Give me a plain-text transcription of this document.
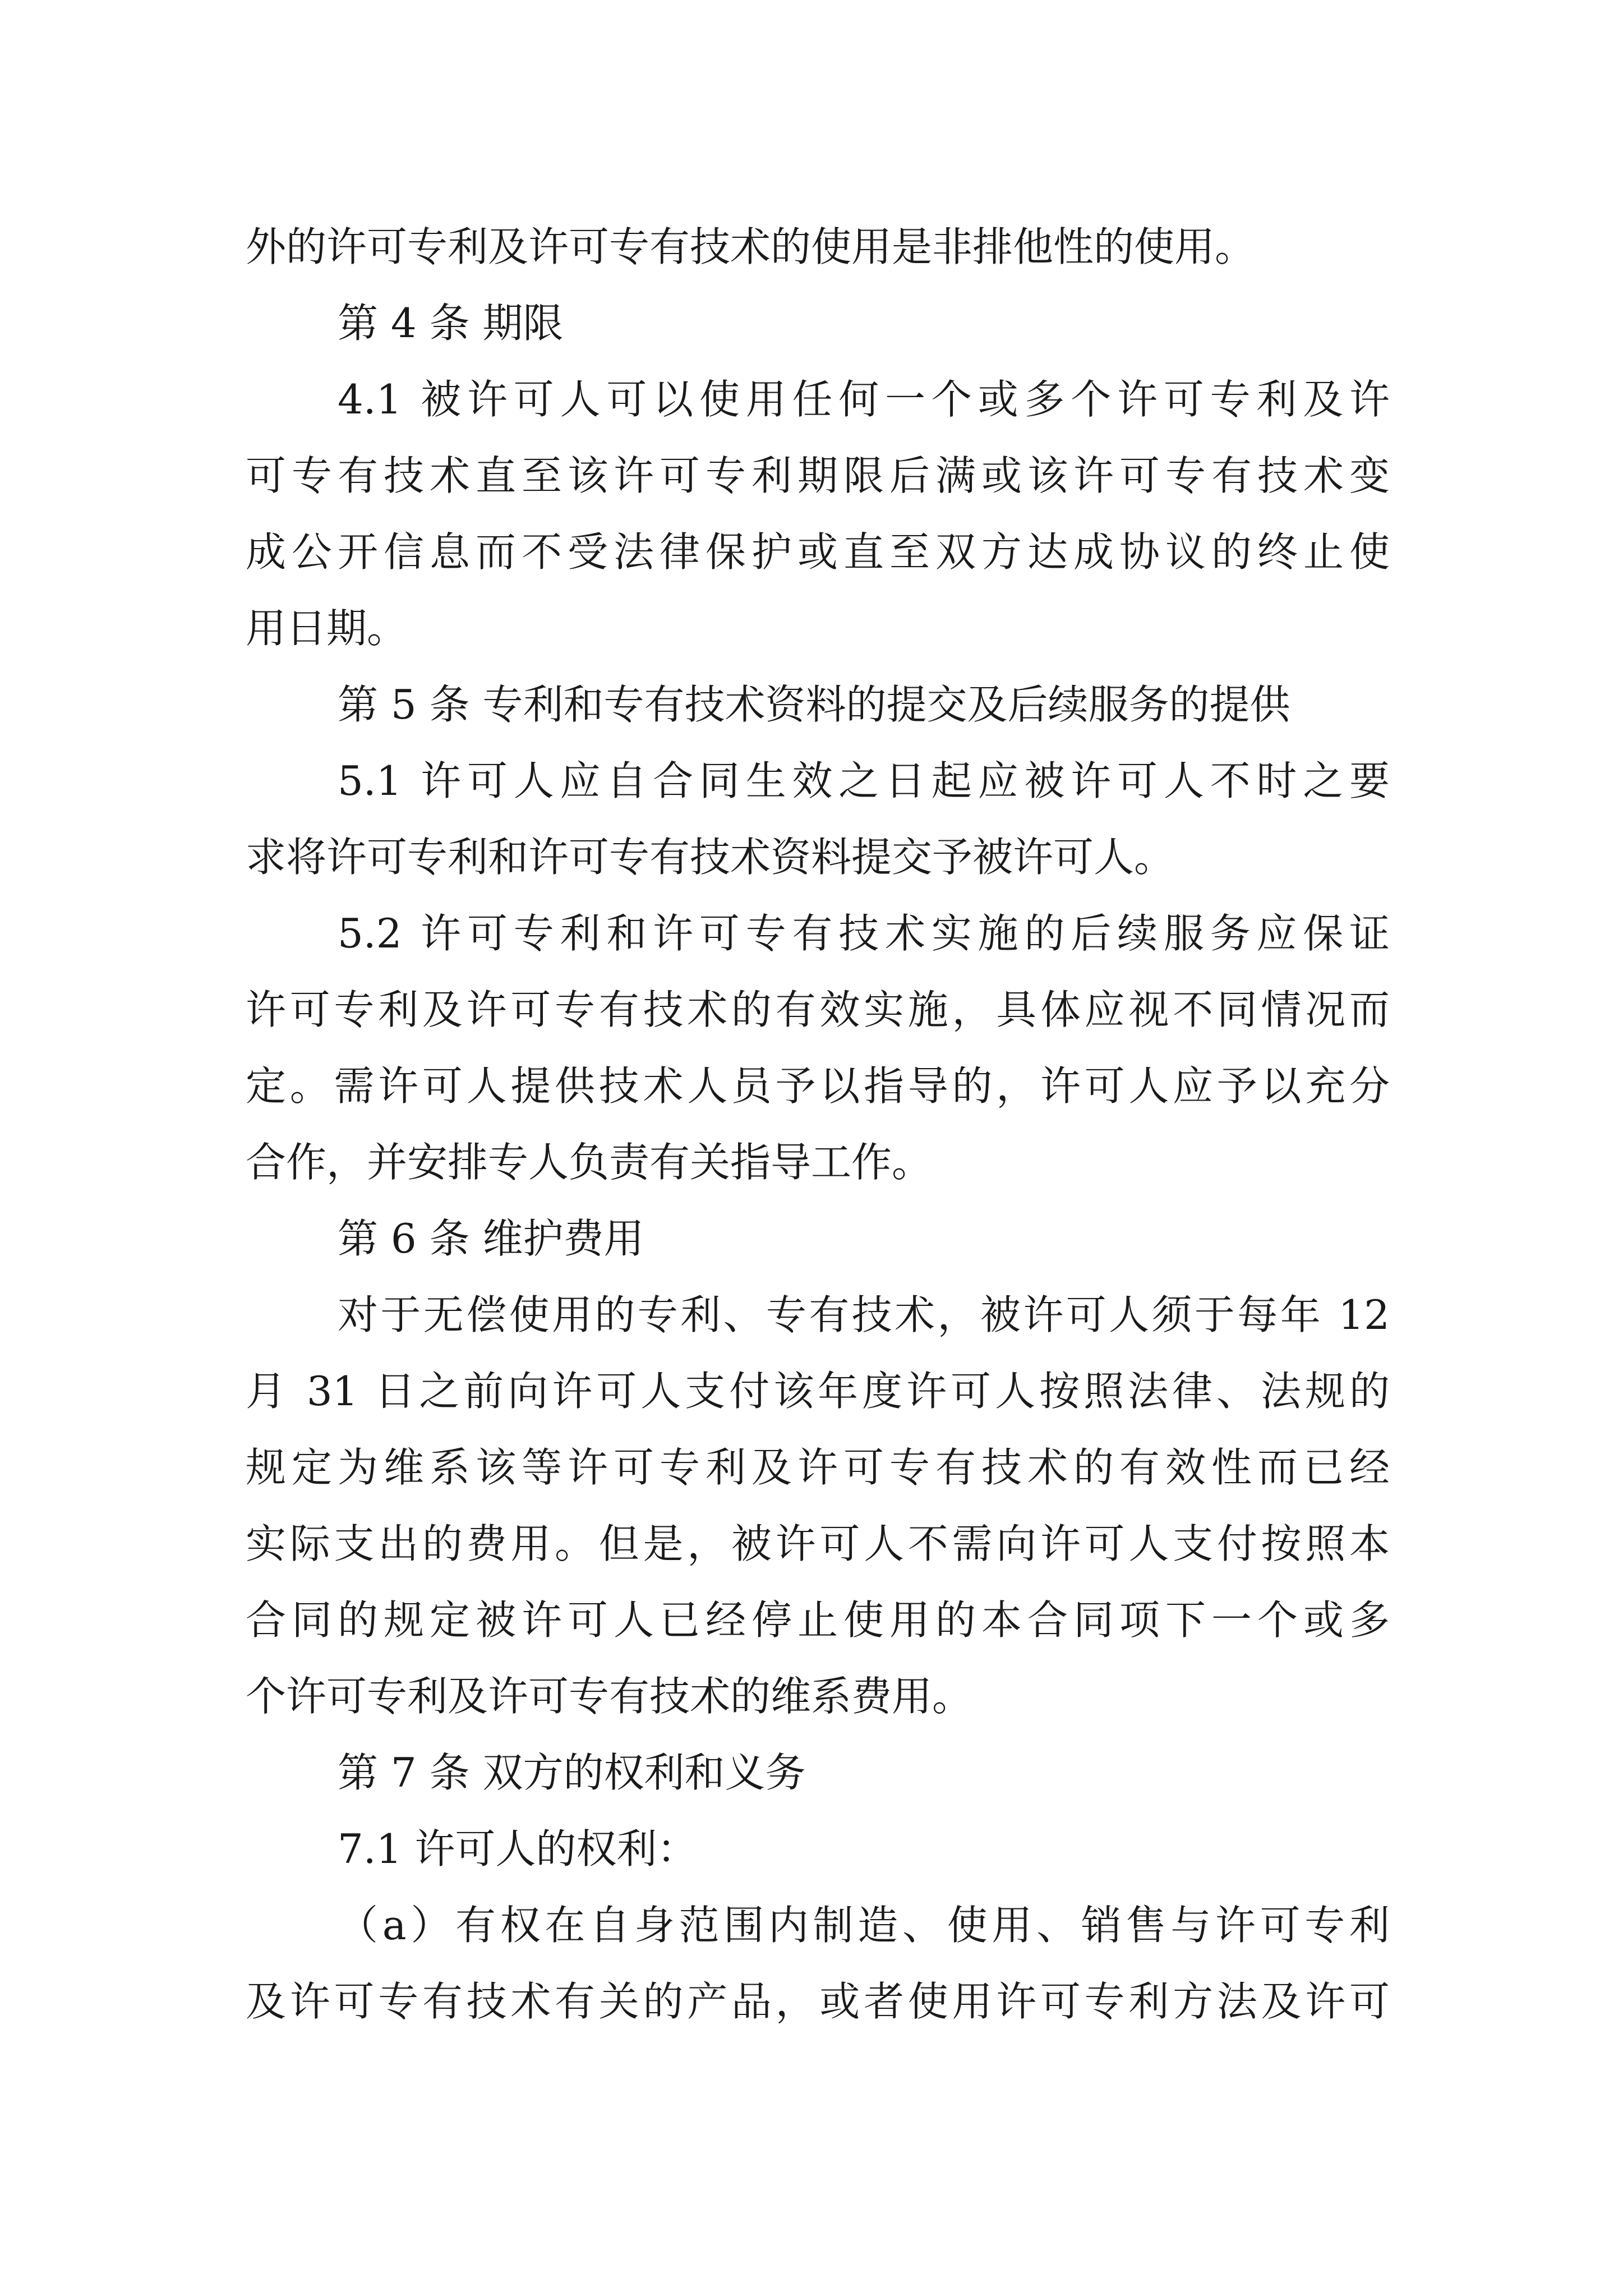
外的许可专利及许可专有技术的使用是非排他性的使用。
第 4 条 期限
4.1 被许可人可以使用任何一个或多个许可专利及许
可专有技术直至该许可专利期限后满或该许可专有技术变
成公开信息而不受法律保护或直至双方达成协议的终止使
用日期。
第 5 条 专利和专有技术资料的提交及后续服务的提供
5.1 许可人应自合同生效之日起应被许可人不时之要
求将许可专利和许可专有技术资料提交予被许可人。
5.2 许可专利和许可专有技术实施的后续服务应保证
许可专利及许可专有技术的有效实施，具体应视不同情况而
定。需许可人提供技术人员予以指导的，许可人应予以充分
合作，并安排专人负责有关指导工作。
第 6 条 维护费用
对于无偿使用的专利、专有技术，被许可人须于每年 12
月 31 日之前向许可人支付该年度许可人按照法律、法规的
规定为维系该等许可专利及许可专有技术的有效性而已经
实际支出的费用。但是，被许可人不需向许可人支付按照本
合同的规定被许可人已经停止使用的本合同项下一个或多
个许可专利及许可专有技术的维系费用。
第 7 条 双方的权利和义务
7.1 许可人的权利：
（a）有权在自身范围内制造、使用、销售与许可专利
及许可专有技术有关的产品，或者使用许可专利方法及许可
